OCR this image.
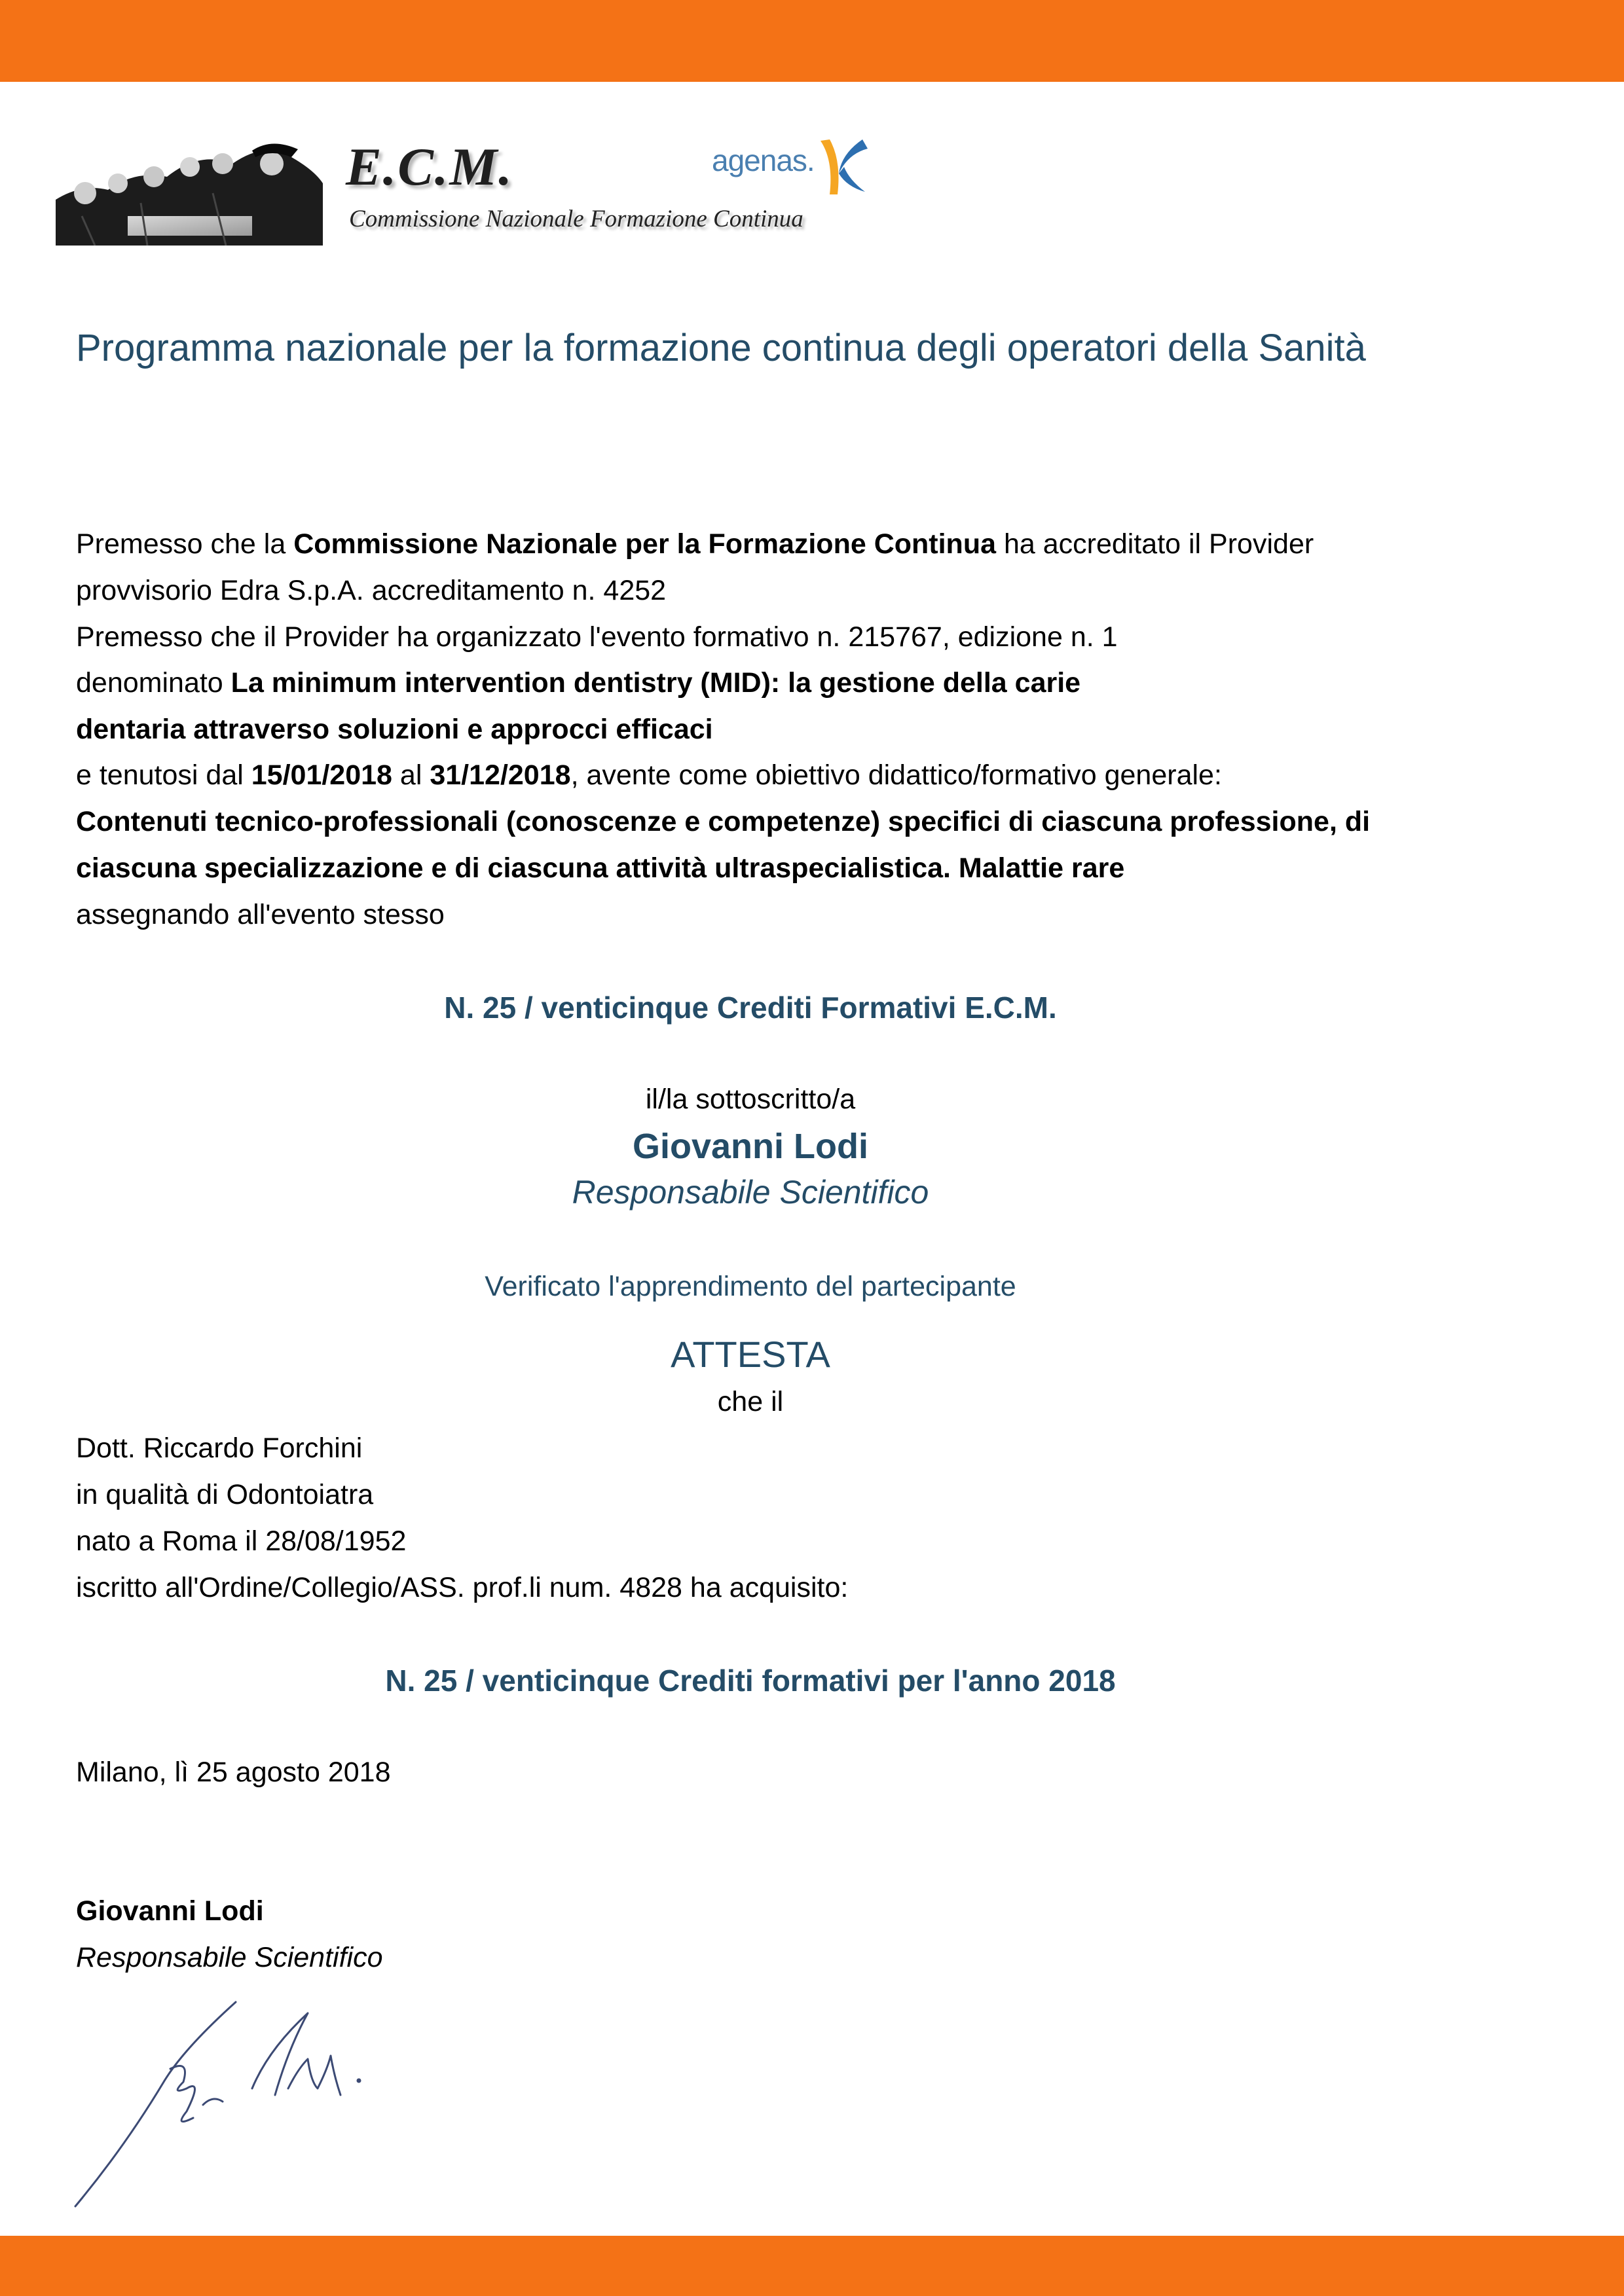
E.C.M.
Commissione Nazionale Formazione Continua
agenas.
Programma nazionale per la formazione continua degli operatori della Sanità
Premesso che la Commissione Nazionale per la Formazione Continua ha accreditato il Provider
provvisorio Edra S.p.A. accreditamento n. 4252
Premesso che il Provider ha organizzato l'evento formativo n. 215767, edizione n. 1
denominato La minimum intervention dentistry (MID): la gestione della carie
dentaria attraverso soluzioni e approcci efficaci
e tenutosi dal 15/01/2018 al 31/12/2018, avente come obiettivo didattico/formativo generale:
Contenuti tecnico-professionali (conoscenze e competenze) specifici di ciascuna professione, di
ciascuna specializzazione e di ciascuna attività ultraspecialistica. Malattie rare
assegnando all'evento stesso
N. 25 / venticinque Crediti Formativi E.C.M.
il/la sottoscritto/a
Giovanni Lodi
Responsabile Scientifico
Verificato l'apprendimento del partecipante
ATTESTA
che il
Dott. Riccardo Forchini
in qualità di Odontoiatra
nato a Roma il 28/08/1952
iscritto all'Ordine/Collegio/ASS. prof.li num. 4828 ha acquisito:
N. 25 / venticinque Crediti formativi per l'anno 2018
Milano, lì 25 agosto 2018
Giovanni Lodi
Responsabile Scientifico
